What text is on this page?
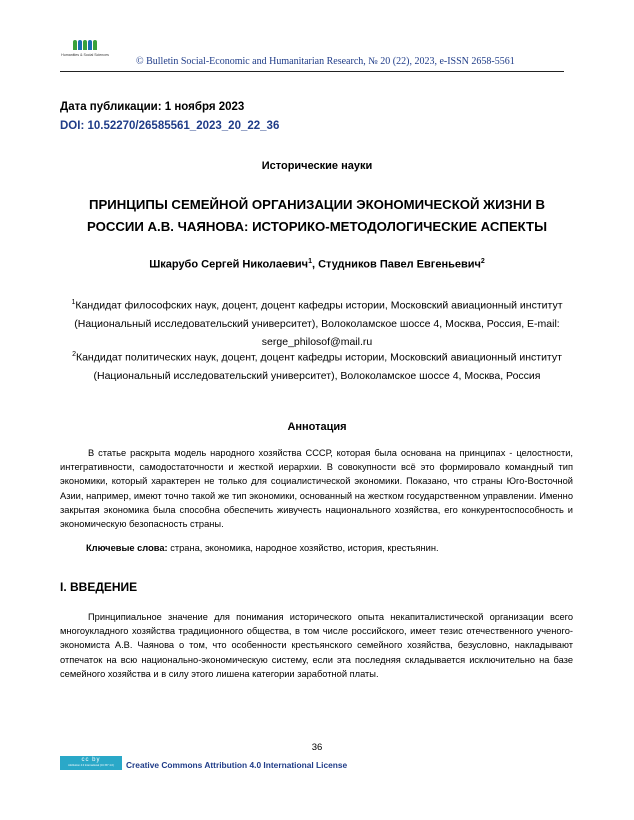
Humanities & Social Sciences
© Bulletin Social-Economic and Humanitarian Research, № 20 (22), 2023, e-ISSN 2658-5561
Дата публикации: 1 ноября 2023
DOI: 10.52270/26585561_2023_20_22_36
Исторические науки
ПРИНЦИПЫ СЕМЕЙНОЙ ОРГАНИЗАЦИИ ЭКОНОМИЧЕСКОЙ ЖИЗНИ В РОССИИ А.В. ЧАЯНОВА: ИСТОРИКО-МЕТОДОЛОГИЧЕСКИЕ АСПЕКТЫ
Шкарубо Сергей Николаевич$^1$, Студников Павел Евгеньевич$^2$
$^1$Кандидат философских наук, доцент, доцент кафедры истории, Московский авиационный институт (Национальный исследовательский университет), Волоколамское шоссе 4, Москва, Россия, E-mail: serge_philosof@mail.ru
$^2$Кандидат политических наук, доцент, доцент кафедры истории, Московский авиационный институт (Национальный исследовательский университет), Волоколамское шоссе 4, Москва, Россия
Аннотация
В статье раскрыта модель народного хозяйства СССР, которая была основана на принципах - целостности, интегративности, самодостаточности и жесткой иерархии. В совокупности всё это формировало командный тип экономики, который характерен не только для социалистической экономики. Показано, что страны Юго-Восточной Азии, например, имеют точно такой же тип экономики, основанный на жестком государственном управлении. Именно закрытая экономика была способна обеспечить живучесть национального хозяйства, его конкурентоспособность и экономическую безопасность страны.
Ключевые слова: страна, экономика, народное хозяйство, история, крестьянин.
I. ВВЕДЕНИЕ
Принципиальное значение для понимания исторического опыта некапиталистической организации всего многоукладного хозяйства традиционного общества, в том числе российского, имеет тезис отечественного ученого-экономиста А.В. Чаянова о том, что особенности крестьянского семейного хозяйства, безусловно, накладывают отпечаток на всю национально-экономическую систему, если эта последняя складывается исключительно на базе семейного хозяйства и в силу этого лишена категории заработной платы.
36
cc by
Attribution 4.0 International (CC BY 4.0)	Creative Commons Attribution 4.0 International License
